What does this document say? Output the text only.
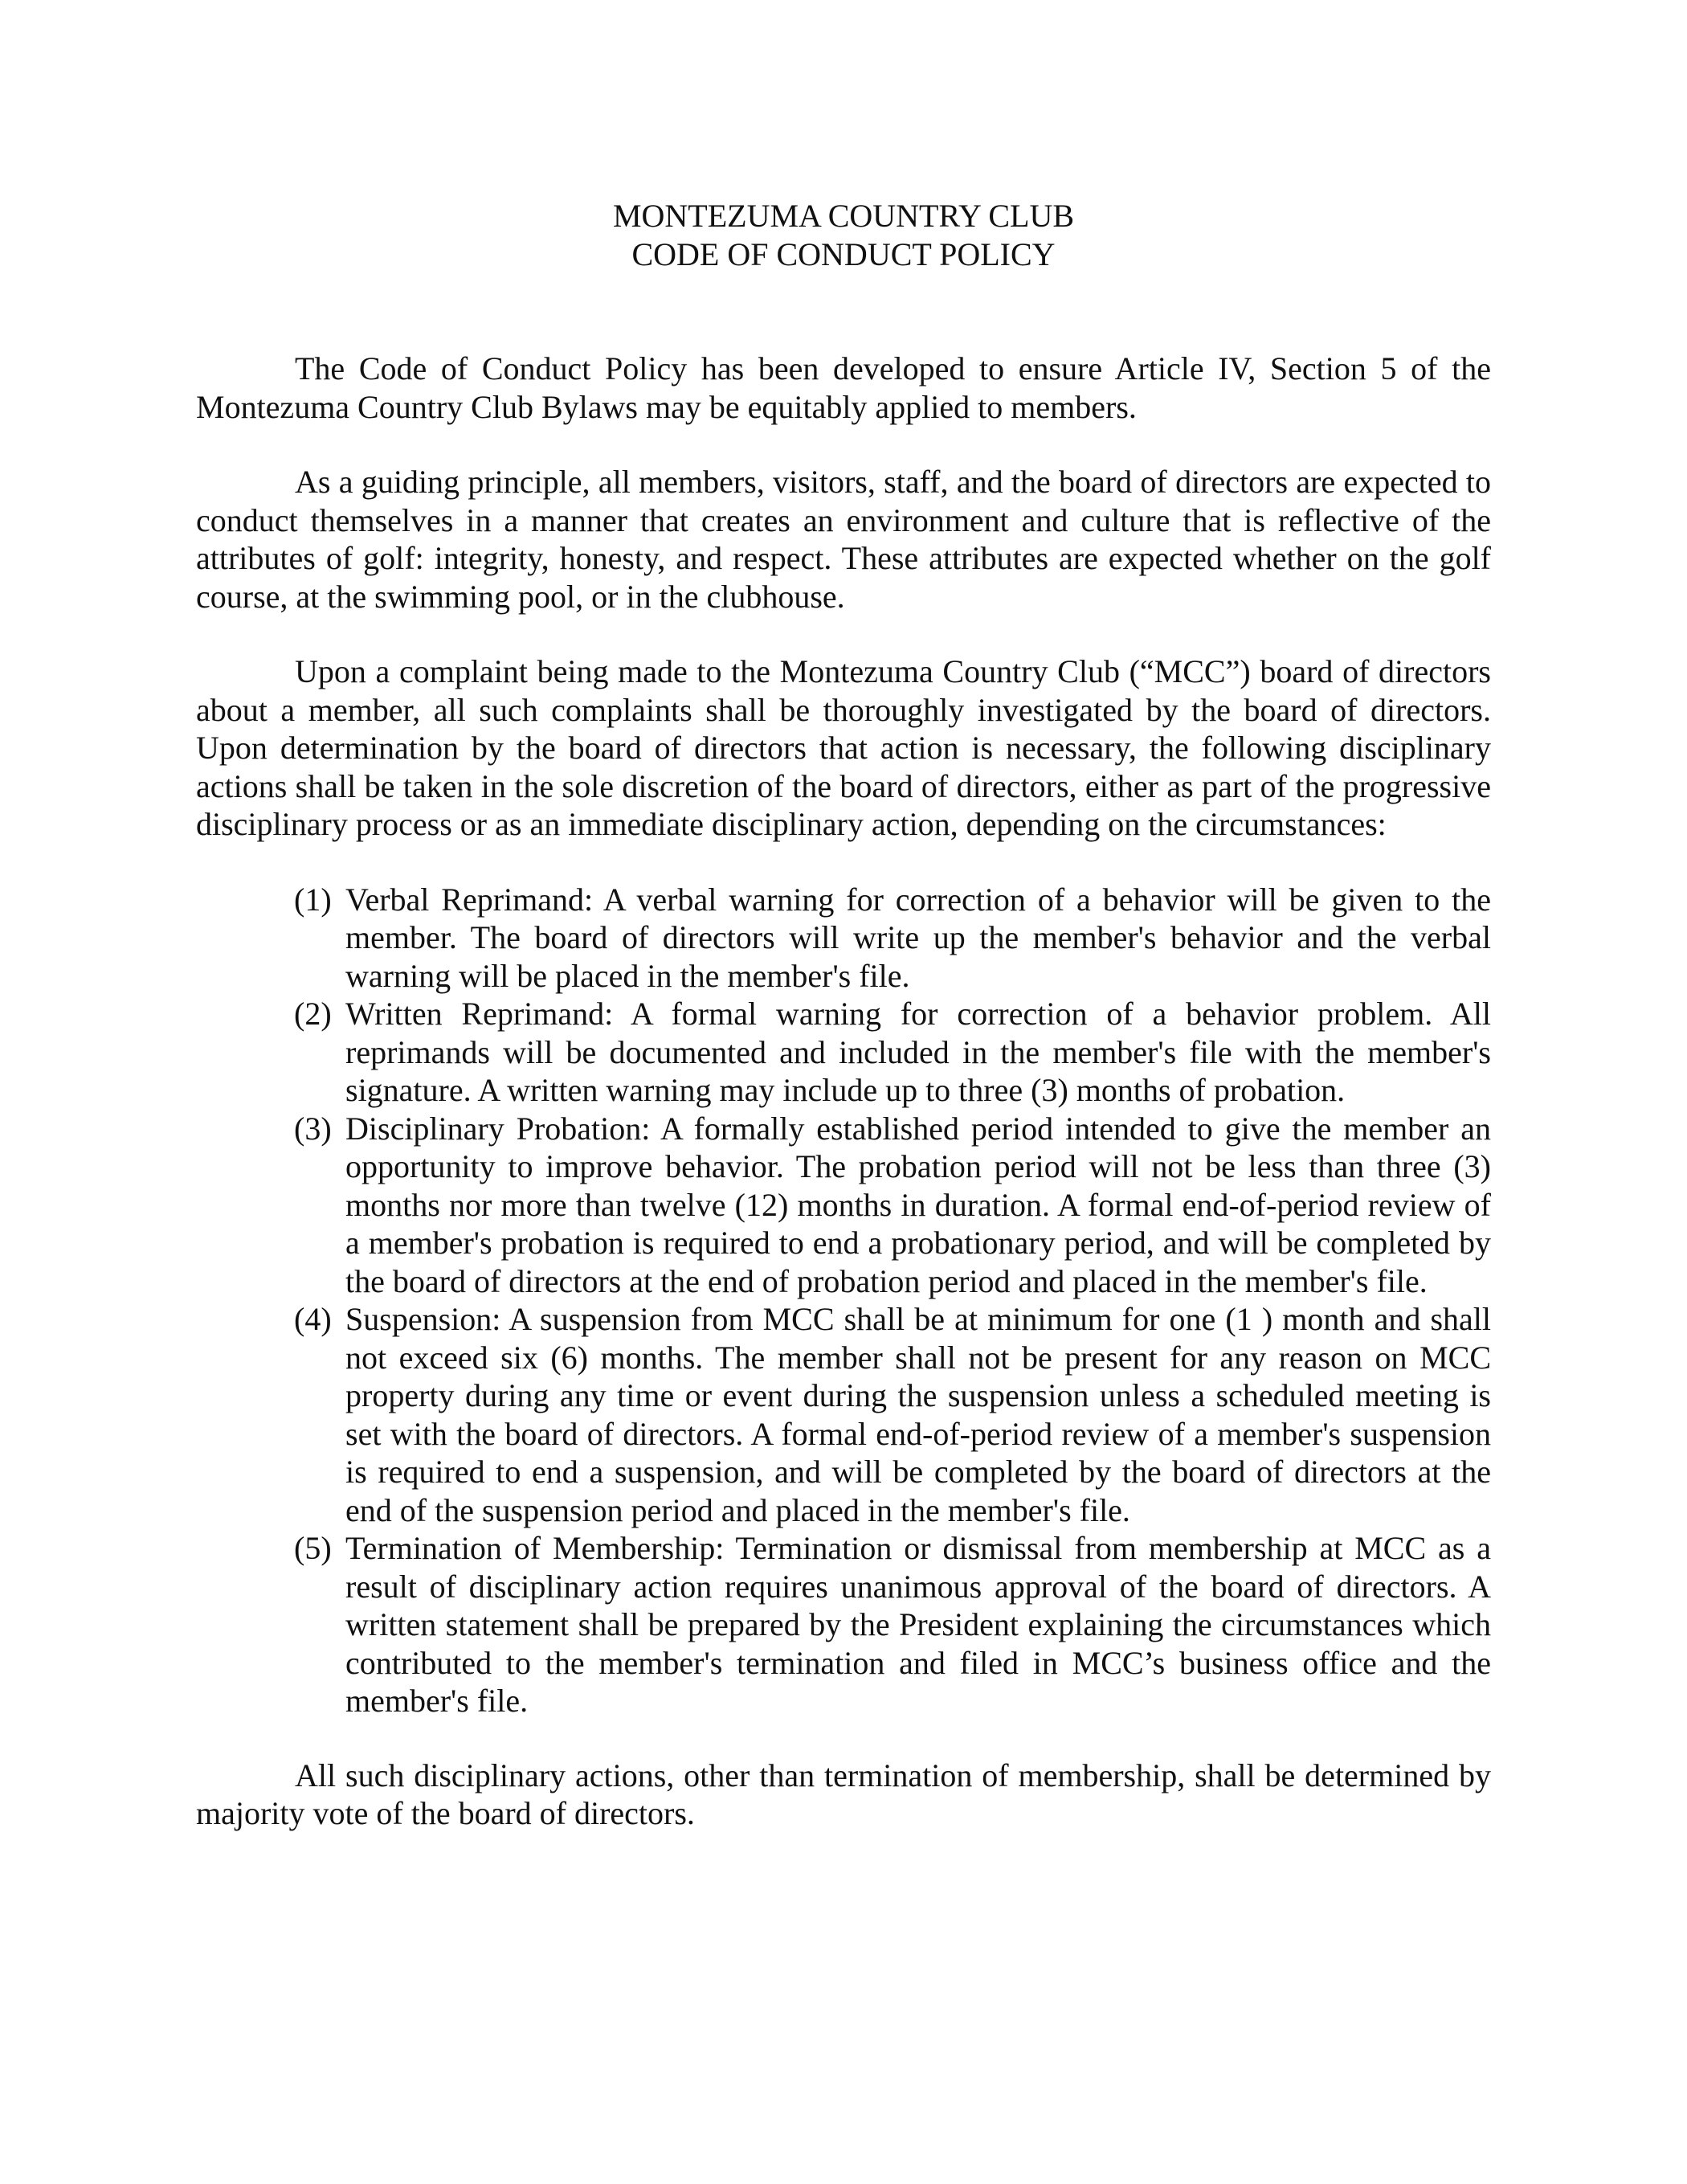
MONTEZUMA COUNTRY CLUB
CODE OF CONDUCT POLICY

The Code of Conduct Policy has been developed to ensure Article IV, Section 5 of the Montezuma Country Club Bylaws may be equitably applied to members.

As a guiding principle, all members, visitors, staff, and the board of directors are expected to conduct themselves in a manner that creates an environment and culture that is reflective of the attributes of golf: integrity, honesty, and respect. These attributes are expected whether on the golf course, at the swimming pool, or in the clubhouse.

Upon a complaint being made to the Montezuma Country Club (“MCC”) board of directors about a member, all such complaints shall be thoroughly investigated by the board of directors. Upon determination by the board of directors that action is necessary, the following disciplinary actions shall be taken in the sole discretion of the board of directors, either as part of the progressive disciplinary process or as an immediate disciplinary action, depending on the circumstances:

(1) Verbal Reprimand: A verbal warning for correction of a behavior will be given to the member. The board of directors will write up the member's behavior and the verbal warning will be placed in the member's file.
(2) Written Reprimand: A formal warning for correction of a behavior problem. All reprimands will be documented and included in the member's file with the member's signature. A written warning may include up to three (3) months of probation.
(3) Disciplinary Probation: A formally established period intended to give the member an opportunity to improve behavior. The probation period will not be less than three (3) months nor more than twelve (12) months in duration. A formal end-of-period review of a member's probation is required to end a probationary period, and will be completed by the board of directors at the end of probation period and placed in the member's file.
(4) Suspension: A suspension from MCC shall be at minimum for one (1 ) month and shall not exceed six (6) months. The member shall not be present for any reason on MCC property during any time or event during the suspension unless a scheduled meeting is set with the board of directors. A formal end-of-period review of a member's suspension is required to end a suspension, and will be completed by the board of directors at the end of the suspension period and placed in the member's file.
(5) Termination of Membership: Termination or dismissal from membership at MCC as a result of disciplinary action requires unanimous approval of the board of directors. A written statement shall be prepared by the President explaining the circumstances which contributed to the member's termination and filed in MCC’s business office and the member's file.

All such disciplinary actions, other than termination of membership, shall be determined by majority vote of the board of directors.
